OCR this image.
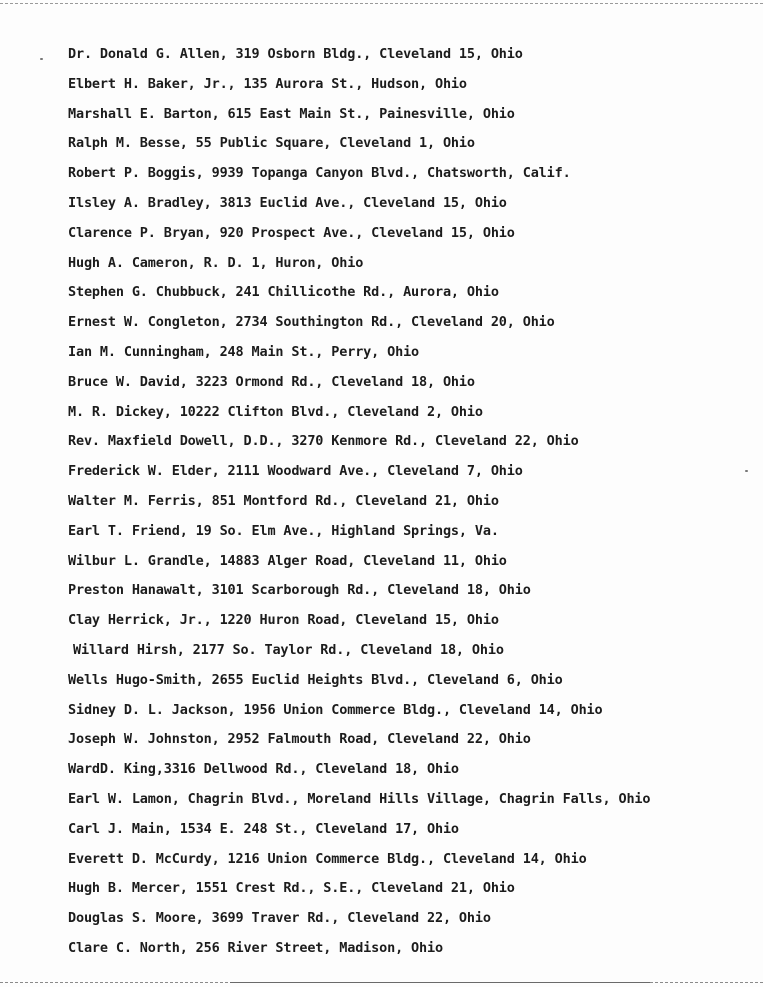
Dr. Donald G. Allen, 319 Osborn Bldg., Cleveland 15, Ohio
Elbert H. Baker, Jr., 135 Aurora St., Hudson, Ohio
Marshall E. Barton, 615 East Main St., Painesville, Ohio
Ralph M. Besse, 55 Public Square, Cleveland 1, Ohio
Robert P. Boggis, 9939 Topanga Canyon Blvd., Chatsworth, Calif.
Ilsley A. Bradley, 3813 Euclid Ave., Cleveland 15, Ohio
Clarence P. Bryan, 920 Prospect Ave., Cleveland 15, Ohio
Hugh A. Cameron, R. D. 1, Huron, Ohio
Stephen G. Chubbuck, 241 Chillicothe Rd., Aurora, Ohio
Ernest W. Congleton, 2734 Southington Rd., Cleveland 20, Ohio
Ian M. Cunningham, 248 Main St., Perry, Ohio
Bruce W. David, 3223 Ormond Rd., Cleveland 18, Ohio
M. R. Dickey, 10222 Clifton Blvd., Cleveland 2, Ohio
Rev. Maxfield Dowell, D.D., 3270 Kenmore Rd., Cleveland 22, Ohio
Frederick W. Elder, 2111 Woodward Ave., Cleveland 7, Ohio
Walter M. Ferris, 851 Montford Rd., Cleveland 21, Ohio
Earl T. Friend, 19 So. Elm Ave., Highland Springs, Va.
Wilbur L. Grandle, 14883 Alger Road, Cleveland 11, Ohio
Preston Hanawalt, 3101 Scarborough Rd., Cleveland 18, Ohio
Clay Herrick, Jr., 1220 Huron Road, Cleveland 15, Ohio
Willard Hirsh, 2177 So. Taylor Rd., Cleveland 18, Ohio
Wells Hugo-Smith, 2655 Euclid Heights Blvd., Cleveland 6, Ohio
Sidney D. L. Jackson, 1956 Union Commerce Bldg., Cleveland 14, Ohio
Joseph W. Johnston, 2952 Falmouth Road, Cleveland 22, Ohio
WardD. King,3316 Dellwood Rd., Cleveland 18, Ohio
Earl W. Lamon, Chagrin Blvd., Moreland Hills Village, Chagrin Falls, Ohio
Carl J. Main, 1534 E. 248 St., Cleveland 17, Ohio
Everett D. McCurdy, 1216 Union Commerce Bldg., Cleveland 14, Ohio
Hugh B. Mercer, 1551 Crest Rd., S.E., Cleveland 21, Ohio
Douglas S. Moore, 3699 Traver Rd., Cleveland 22, Ohio
Clare C. North, 256 River Street, Madison, Ohio
